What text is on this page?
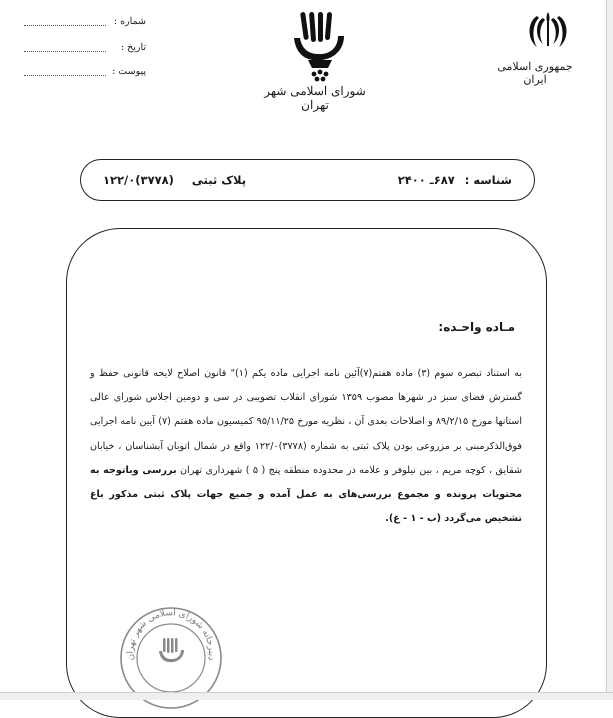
جمهوری اسلامی ایران
شورای اسلامی شهر تهران
شماره :
تاریخ :
پیوست :
شناسه : ۶۸۷ـ ۲۴۰۰
پلاک ثبتی (۳۷۷۸)۱۲۲/۰
مـاده واحـده:

به استناد تبصره سوم (۳) ماده هفتم(۷)آئین نامه اجرایی ماده یکم (۱)" قانون اصلاح لایحه قانونی حفظ و گسترش فضای سبز در شهرها مصوب ۱۳۵۹ شورای انقلاب تصویبی در سی و دومین اجلاس شورای عالی استانها مورخ ۸۹/۲/۱۵ و اصلاحات بعدی آن ، نظریه مورخ ۹۵/۱۱/۲۵ کمیسیون ماده هفتم (۷) آیین نامه اجرایی فوق‌الذکرمبنی بر مزروعی بودن پلاک ثبتی به شماره (۳۷۷۸)۱۲۲/۰ واقع در شمال اتوبان آبشناسان ، خیابان شقایق ، کوچه مریم ، بین نیلوفر و علامه در محدوده منطقه پنج ( ۵ ) شهرداری تهران بررسی وباتوجه به محتویات پرونده و مجموع بررسی‌های به عمل آمده و جمیع جهات پلاک ثبتی مذکور باغ تشخیص می‌گردد (ب - ۱ - غ).

دبیرخانه شورای اسلامی شهر تهران
